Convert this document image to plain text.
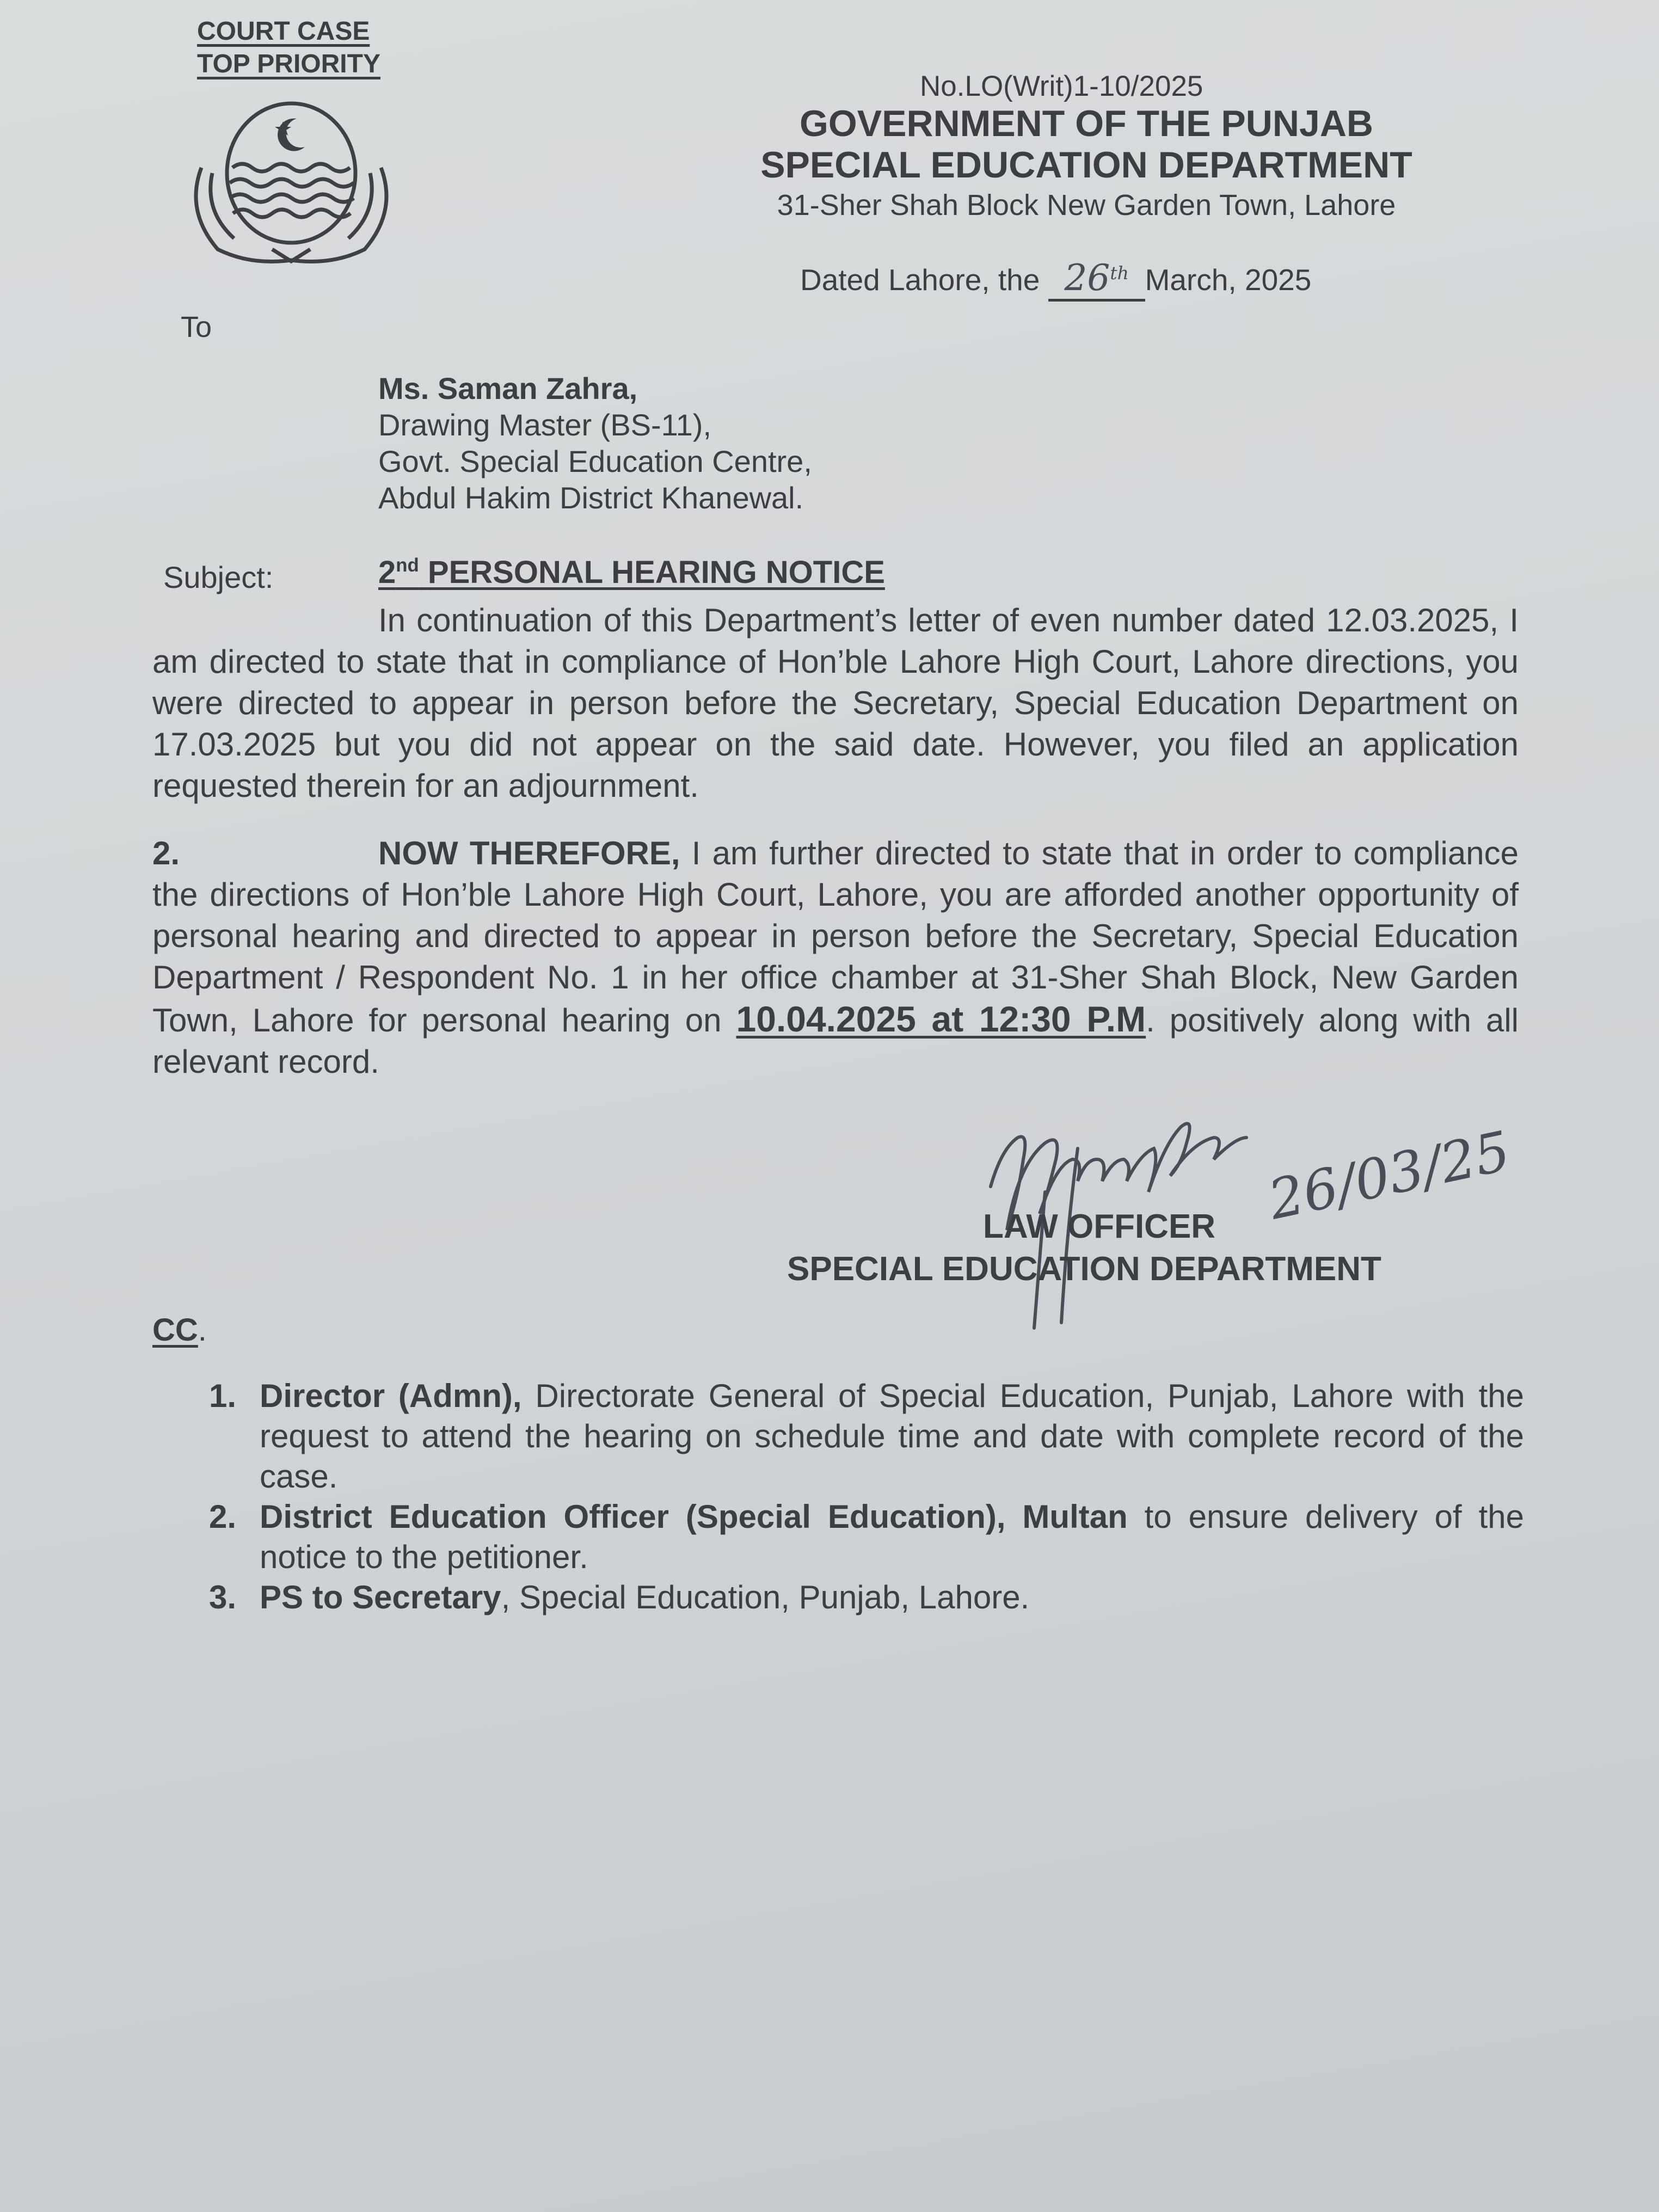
COURT CASE
TOP PRIORITY
No.LO(Writ)1-10/2025
GOVERNMENT OF THE PUNJAB
SPECIAL EDUCATION DEPARTMENT
31-Sher Shah Block New Garden Town, Lahore
Dated Lahore, the 26th March, 2025
To
Ms. Saman Zahra,
Drawing Master (BS-11),
Govt. Special Education Centre,
Abdul Hakim District Khanewal.
Subject:	2nd PERSONAL HEARING NOTICE
In continuation of this Department’s letter of even number dated 12.03.2025, I am directed to state that in compliance of Hon’ble Lahore High Court, Lahore directions, you were directed to appear in person before the Secretary, Special Education Department on 17.03.2025 but you did not appear on the said date. However, you filed an application requested therein for an adjournment.
2.	NOW THEREFORE, I am further directed to state that in order to compliance the directions of Hon’ble Lahore High Court, Lahore, you are afforded another opportunity of personal hearing and directed to appear in person before the Secretary, Special Education Department / Respondent No. 1 in her office chamber at 31-Sher Shah Block, New Garden Town, Lahore for personal hearing on 10.04.2025 at 12:30 P.M. positively along with all relevant record.
26/03/25
LAW OFFICER
SPECIAL EDUCATION DEPARTMENT
CC.
1. Director (Admn), Directorate General of Special Education, Punjab, Lahore with the request to attend the hearing on schedule time and date with complete record of the case.
2. District Education Officer (Special Education), Multan to ensure delivery of the notice to the petitioner.
3. PS to Secretary, Special Education, Punjab, Lahore.
